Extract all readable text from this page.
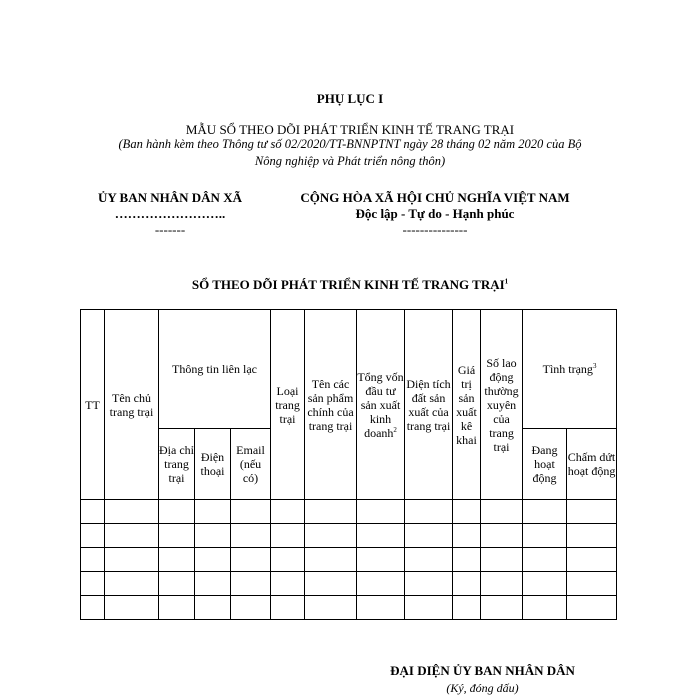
PHỤ LỤC I
MẪU SỔ THEO DÕI PHÁT TRIỂN KINH TẾ TRANG TRẠI
(Ban hành kèm theo Thông tư số 02/2020/TT-BNNPTNT ngày 28 tháng 02 năm 2020 của Bộ
Nông nghiệp và Phát triển nông thôn)
ỦY BAN NHÂN DÂN XÃ
……………………..
-------
CỘNG HÒA XÃ HỘI CHỦ NGHĨA VIỆT NAM
Độc lập - Tự do - Hạnh phúc
---------------
SỔ THEO DÕI PHÁT TRIỂN KINH TẾ TRANG TRẠI$^1$
TT	Tên chủ trang trại	Thông tin liên lạc			Loại trang trại	Tên các sản phẩm chính của trang trại	Tổng vốn đầu tư sản xuất kinh doanh$^2$	Diện tích đất sản xuất của trang trại	Giá trị sản xuất kê khai	Số lao động thường xuyên của trang trại	Tình trạng$^3$
		Địa chỉ trang trại	Điện thoại	Email (nếu có)							Đang hoạt động	Chấm dứt hoạt động

ĐẠI DIỆN ỦY BAN NHÂN DÂN
(Ký, đóng dấu)
